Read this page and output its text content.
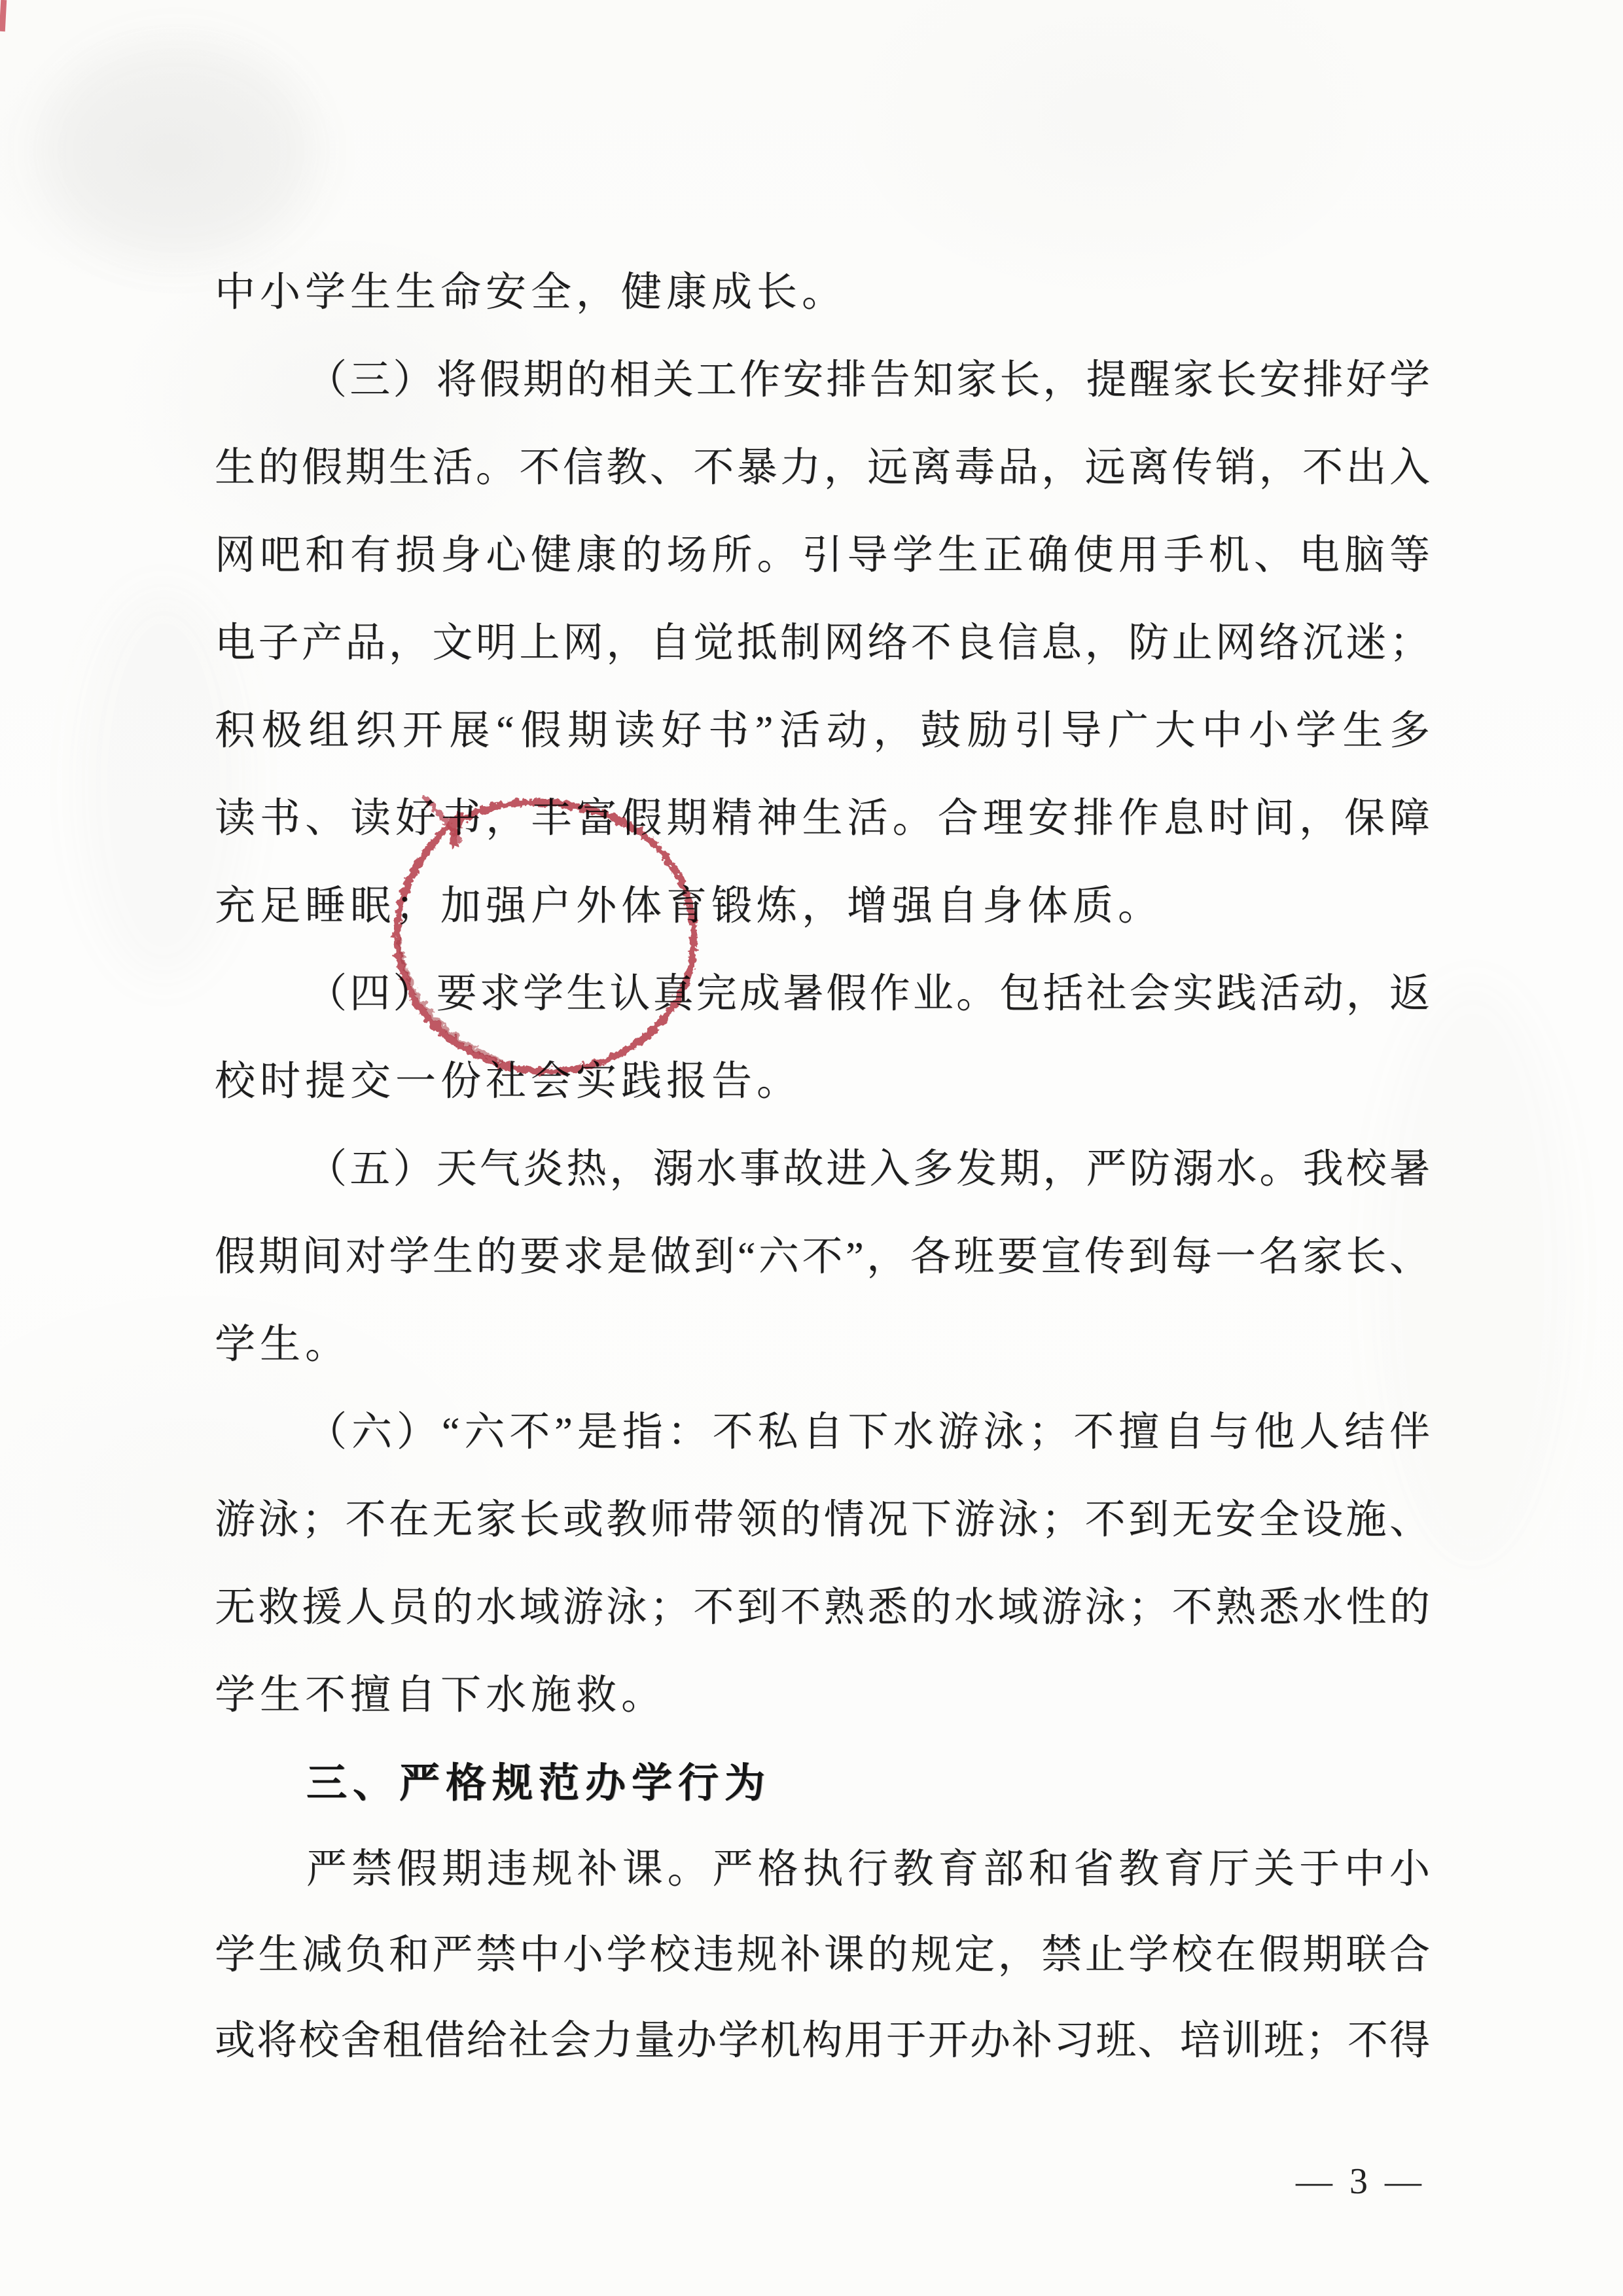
中小学生生命安全，健康成长。
（三）将假期的相关工作安排告知家长，提醒家长安排好学
生的假期生活。不信教、不暴力，远离毒品，远离传销，不出入
网吧和有损身心健康的场所。引导学生正确使用手机、电脑等
电子产品，文明上网，自觉抵制网络不良信息，防止网络沉迷；
积极组织开展“假期读好书”活动，鼓励引导广大中小学生多
读书、读好书，丰富假期精神生活。合理安排作息时间，保障
充足睡眠；加强户外体育锻炼，增强自身体质。
（四）要求学生认真完成暑假作业。包括社会实践活动，返
校时提交一份社会实践报告。
（五）天气炎热，溺水事故进入多发期，严防溺水。我校暑
假期间对学生的要求是做到“六不”，各班要宣传到每一名家长、
学生。
（六）“六不”是指：不私自下水游泳；不擅自与他人结伴
游泳；不在无家长或教师带领的情况下游泳；不到无安全设施、
无救援人员的水域游泳；不到不熟悉的水域游泳；不熟悉水性的
学生不擅自下水施救。
三、严格规范办学行为
严禁假期违规补课。严格执行教育部和省教育厅关于中小
学生减负和严禁中小学校违规补课的规定，禁止学校在假期联合
或将校舍租借给社会力量办学机构用于开办补习班、培训班；不得
— 3 —
